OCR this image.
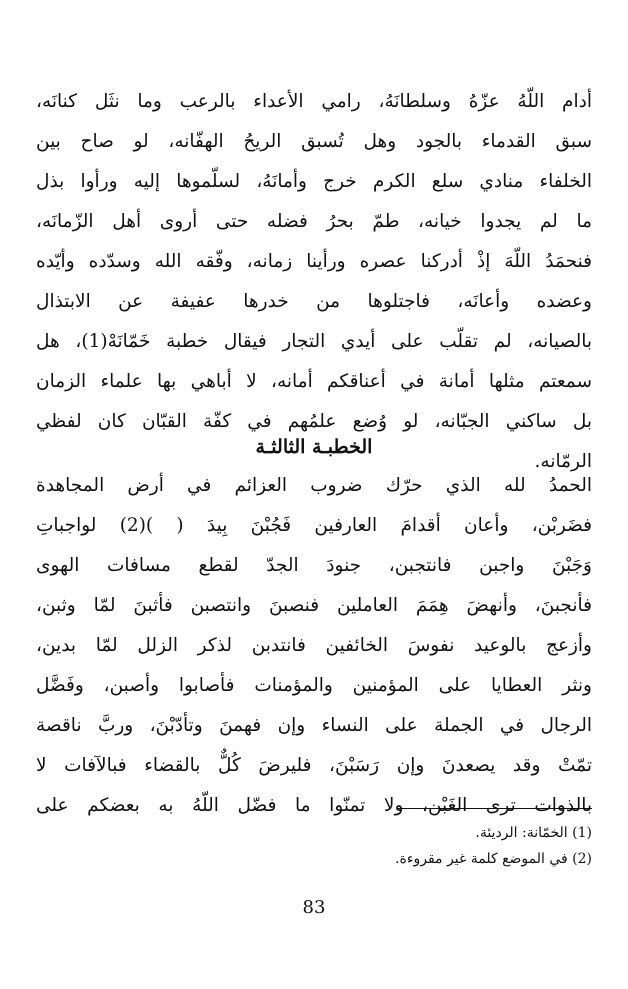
أدام اللّهُ عزّهُ وسلطانَهُ، رامي الأعداء بالرعب وما نثَل كنانَه،
سبق القدماء بالجود وهل تُسبق الريحُ الهفّانه، لو صاح بين
الخلفاء منادي سلع الكرم خرج وأمانَهُ، لسلّموها إليه ورأوا بذل
ما لم يجدوا خيانه، طمّ بحرُ فضله حتى أروى أهل الزّمانَه،
فنحمَدُ اللّهَ إذْ أدركنا عصره ورأينا زمانه، وفّقه الله وسدّده وأيّده
وعضده وأعانَه، فاجتلوها من خدرها عفيفة عن الابتذال
بالصيانه، لم تقلّب على أيدي التجار فيقال خطبة خَمّانَهْ(1)، هل
سمعتم مثلها أمانة في أعناقكم أمانه، لا أباهي بها علماء الزمان
بل ساكني الجبّانه، لو وُضع علمُهم في كفّة القبّان كان لفظي
الرمّانه.
الخطبـة الثالثـة
الحمدُ لله الذي حرّك ضروب العزائم في أرض المجاهدة
فضَربْن، وأعان أقدامَ العارفين فَجُبْنَ بِيدَ ( )(2) لواجباتِ
وَجَبْنَ واجبن فانتجبن، جنودَ الجدّ لقطع مسافات الهوى
فأنجبنَ، وأنهضَ هِمَمَ العاملين فنصبنَ وانتصبن فأثبنَ لمّا وثبن،
وأزعج بالوعيد نفوسَ الخائفين فانتدبن لذكر الزلل لمّا بدين،
ونثر العطايا على المؤمنين والمؤمنات فأصابوا وأصبن، وفَضَّل
الرجال في الجملة على النساء وإن فهمنَ وتأدّبْنَ، وربَّ ناقصة
تمّتْ وقد يصعدنَ وإن رَسَبْنَ، فليرضَ كُلٌّ بالقضاء فبالآفات لا
بالذوات ترى الغَبْن، ولا تمنّوا ما فضّل اللّهُ به بعضكم على
(1) الخمّانة: الرديئة.
(2) في الموضع كلمة غير مقروءة.
83
